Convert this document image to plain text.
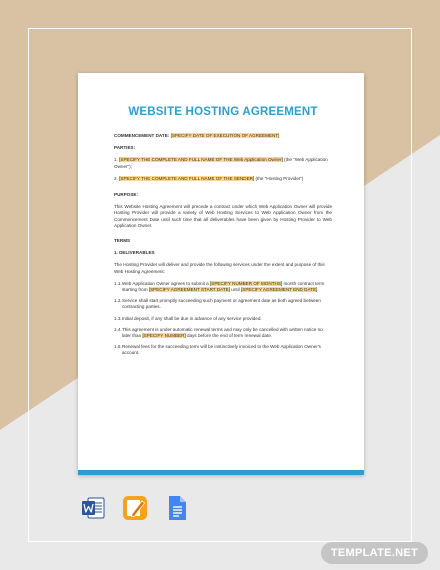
WEBSITE HOSTING AGREEMENT
COMMENCEMENT DATE: [SPECIFY DATE OF EXECUTION OF AGREEMENT]
PARTIES:
1. [SPECIFY THE COMPLETE AND FULL NAME OF THE Web Application Owner] (the "Web Application Owner");
2. [SPECIFY THE COMPLETE AND FULL NAME OF THE SENDER] (the "Hosting Provider")
PURPOSE:
This Website Hosting Agreement will precede a contract under which Web Application Owner will provide Hosting Provider will provide a variety of Web Hosting Services to Web Application Owner from the Commencement Date until such time that all deliverables have been given by Hosting Provider to Web Application Owner.
TERMS
1. DELIVERABLES
The Hosting Provider will deliver and provide the following services under the extent and purpose of this Web Hosting Agreement:
1.1. Web Application Owner agrees to submit a [SPECIFY NUMBER OF MONTHS] month contract term starting from [SPECIFY AGREEMENT START DATE] until [SPECIFY AGREEMENT END DATE].
1.2. Service shall start promptly succeeding such payment or agreement date as both agreed between contracting parties.
1.3. Initial deposit, if any shall be due in advance of any service provided.
1.4. This agreement is under automatic renewal terms and may only be cancelled with written notice no later than [SPECIFY NUMBER] days before the end of term renewal date.
1.5. Renewal fees for the succeeding term will be instinctively invoiced to the Web Application Owner's account.
TEMPLATE.NET
